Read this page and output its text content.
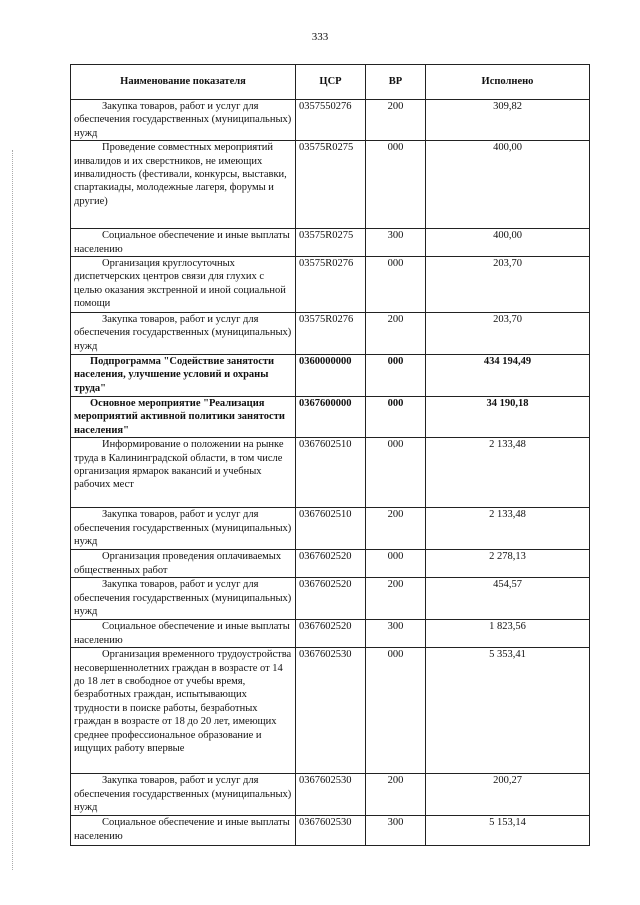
333
Наименование показателя	ЦСР	ВР	Исполнено
Закупка товаров, работ и услуг для обеспечения государственных (муниципальных) нужд	0357550276	200	309,82
Проведение совместных мероприятий инвалидов и их сверстников, не имеющих инвалидность (фестивали, конкурсы, выставки, спартакиады, молодежные лагеря, форумы и другие)	03575R0275	000	400,00
Социальное обеспечение и иные выплаты населению	03575R0275	300	400,00
Организация круглосуточных диспетчерских центров связи для глухих с целью оказания экстренной и иной социальной помощи	03575R0276	000	203,70
Закупка товаров, работ и услуг для обеспечения государственных (муниципальных) нужд	03575R0276	200	203,70
Подпрограмма "Содействие занятости населения, улучшение условий и охраны труда"	0360000000	000	434 194,49
Основное мероприятие "Реализация мероприятий активной политики занятости населения"	0367600000	000	34 190,18
Информирование о положении на рынке труда в Калининградской области, в том числе организация ярмарок вакансий и учебных рабочих мест	0367602510	000	2 133,48
Закупка товаров, работ и услуг для обеспечения государственных (муниципальных) нужд	0367602510	200	2 133,48
Организация проведения оплачиваемых общественных работ	0367602520	000	2 278,13
Закупка товаров, работ и услуг для обеспечения государственных (муниципальных) нужд	0367602520	200	454,57
Социальное обеспечение и иные выплаты населению	0367602520	300	1 823,56
Организация временного трудоустройства несовершеннолетних граждан в возрасте от 14 до 18 лет в свободное от учебы время, безработных граждан, испытывающих трудности в поиске работы, безработных граждан в возрасте от 18 до 20 лет, имеющих среднее профессиональное образование и ищущих работу впервые	0367602530	000	5 353,41
Закупка товаров, работ и услуг для обеспечения государственных (муниципальных) нужд	0367602530	200	200,27
Социальное обеспечение и иные выплаты населению	0367602530	300	5 153,14
